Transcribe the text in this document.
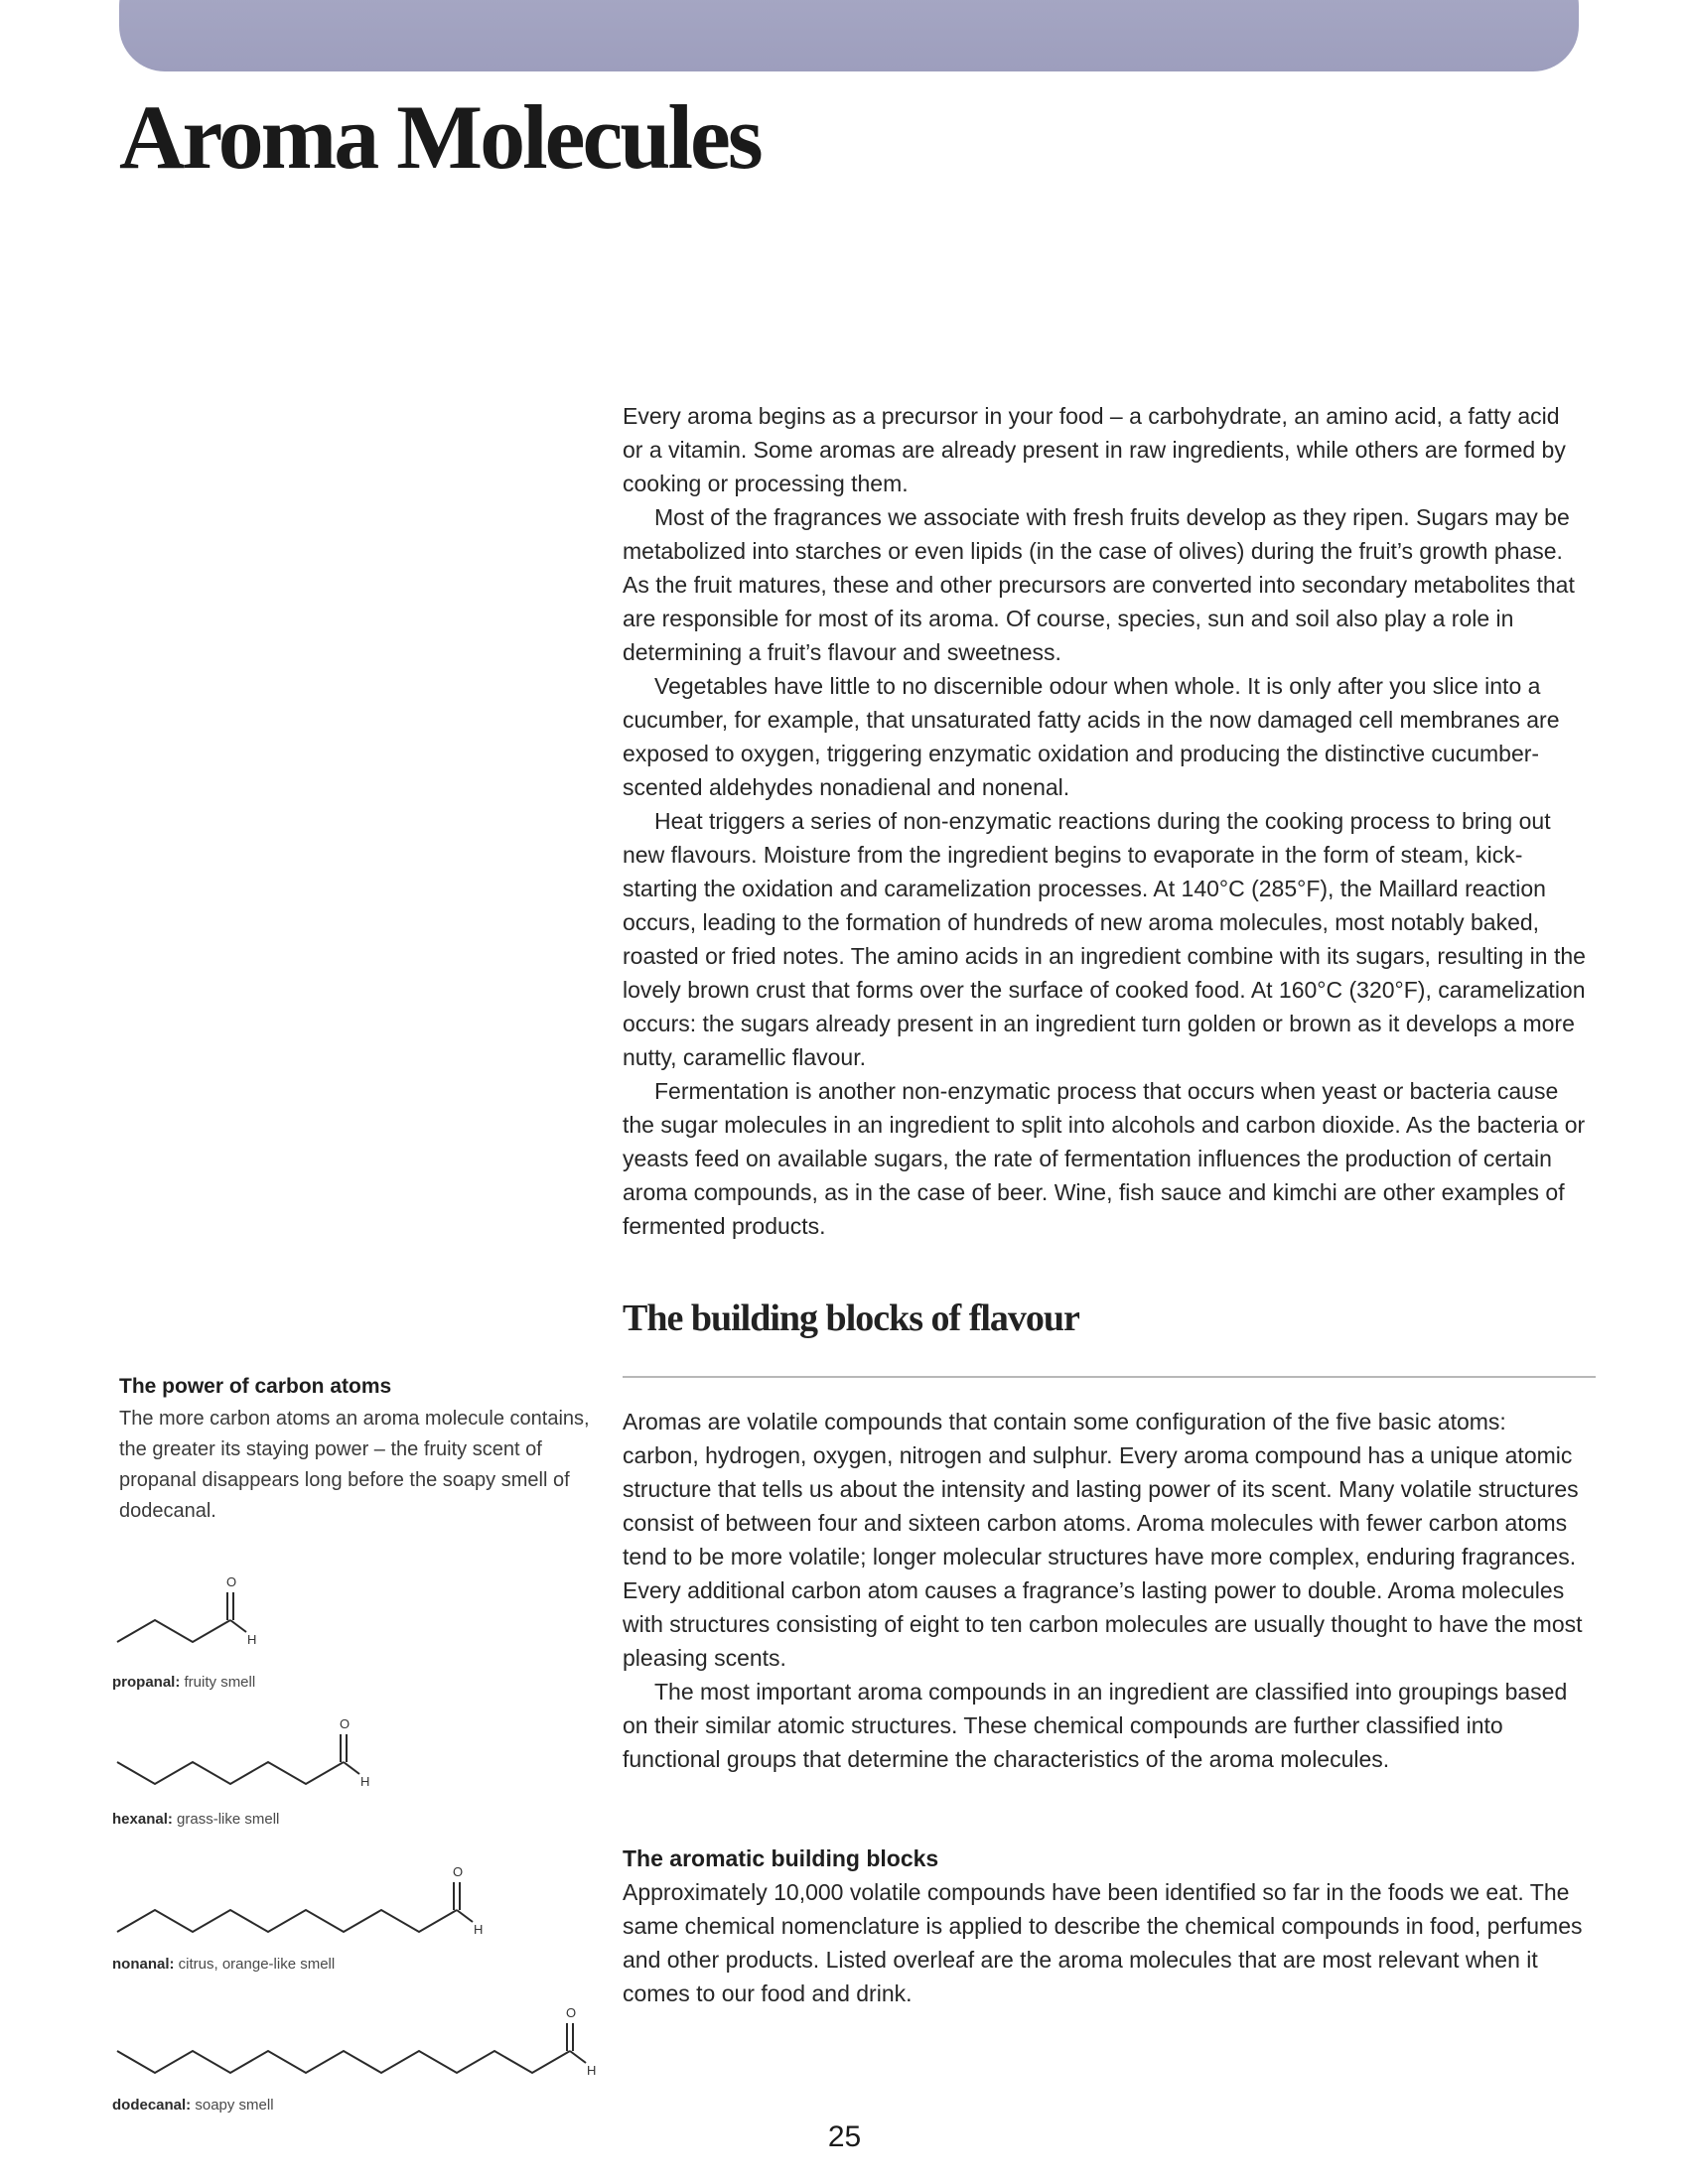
Aroma Molecules

Every aroma begins as a precursor in your food – a carbohydrate, an amino acid, a fatty acid or a vitamin. Some aromas are already present in raw ingredients, while others are formed by cooking or processing them.

Most of the fragrances we associate with fresh fruits develop as they ripen. Sugars may be metabolized into starches or even lipids (in the case of olives) during the fruit’s growth phase. As the fruit matures, these and other precursors are converted into secondary metabolites that are responsible for most of its aroma. Of course, species, sun and soil also play a role in determining a fruit’s flavour and sweetness.

Vegetables have little to no discernible odour when whole. It is only after you slice into a cucumber, for example, that unsaturated fatty acids in the now damaged cell membranes are exposed to oxygen, triggering enzymatic oxidation and producing the distinctive cucumber-scented aldehydes nonadienal and nonenal.

Heat triggers a series of non-enzymatic reactions during the cooking process to bring out new flavours. Moisture from the ingredient begins to evaporate in the form of steam, kick-starting the oxidation and caramelization processes. At 140°C (285°F), the Maillard reaction occurs, leading to the formation of hundreds of new aroma molecules, most notably baked, roasted or fried notes. The amino acids in an ingredient combine with its sugars, resulting in the lovely brown crust that forms over the surface of cooked food. At 160°C (320°F), caramelization occurs: the sugars already present in an ingredient turn golden or brown as it develops a more nutty, caramellic flavour.

Fermentation is another non-enzymatic process that occurs when yeast or bacteria cause the sugar molecules in an ingredient to split into alcohols and carbon dioxide. As the bacteria or yeasts feed on available sugars, the rate of fermentation influences the production of certain aroma compounds, as in the case of beer. Wine, fish sauce and kimchi are other examples of fermented products.

The building blocks of flavour

Aromas are volatile compounds that contain some configuration of the five basic atoms: carbon, hydrogen, oxygen, nitrogen and sulphur. Every aroma compound has a unique atomic structure that tells us about the intensity and lasting power of its scent. Many volatile structures consist of between four and sixteen carbon atoms. Aroma molecules with fewer carbon atoms tend to be more volatile; longer molecular structures have more complex, enduring fragrances. Every additional carbon atom causes a fragrance’s lasting power to double. Aroma molecules with structures consisting of eight to ten carbon molecules are usually thought to have the most pleasing scents.

The most important aroma compounds in an ingredient are classified into groupings based on their similar atomic structures. These chemical compounds are further classified into functional groups that determine the characteristics of the aroma molecules.

The aromatic building blocks

Approximately 10,000 volatile compounds have been identified so far in the foods we eat. The same chemical nomenclature is applied to describe the chemical compounds in food, perfumes and other products. Listed overleaf are the aroma molecules that are most relevant when it comes to our food and drink.

The power of carbon atoms

The more carbon atoms an aroma molecule contains, the greater its staying power – the fruity scent of propanal disappears long before the soapy smell of dodecanal.

O
H
propanal: fruity smell
O
H
hexanal: grass-like smell
O
H
nonanal: citrus, orange-like smell
O
H
dodecanal: soapy smell
25
